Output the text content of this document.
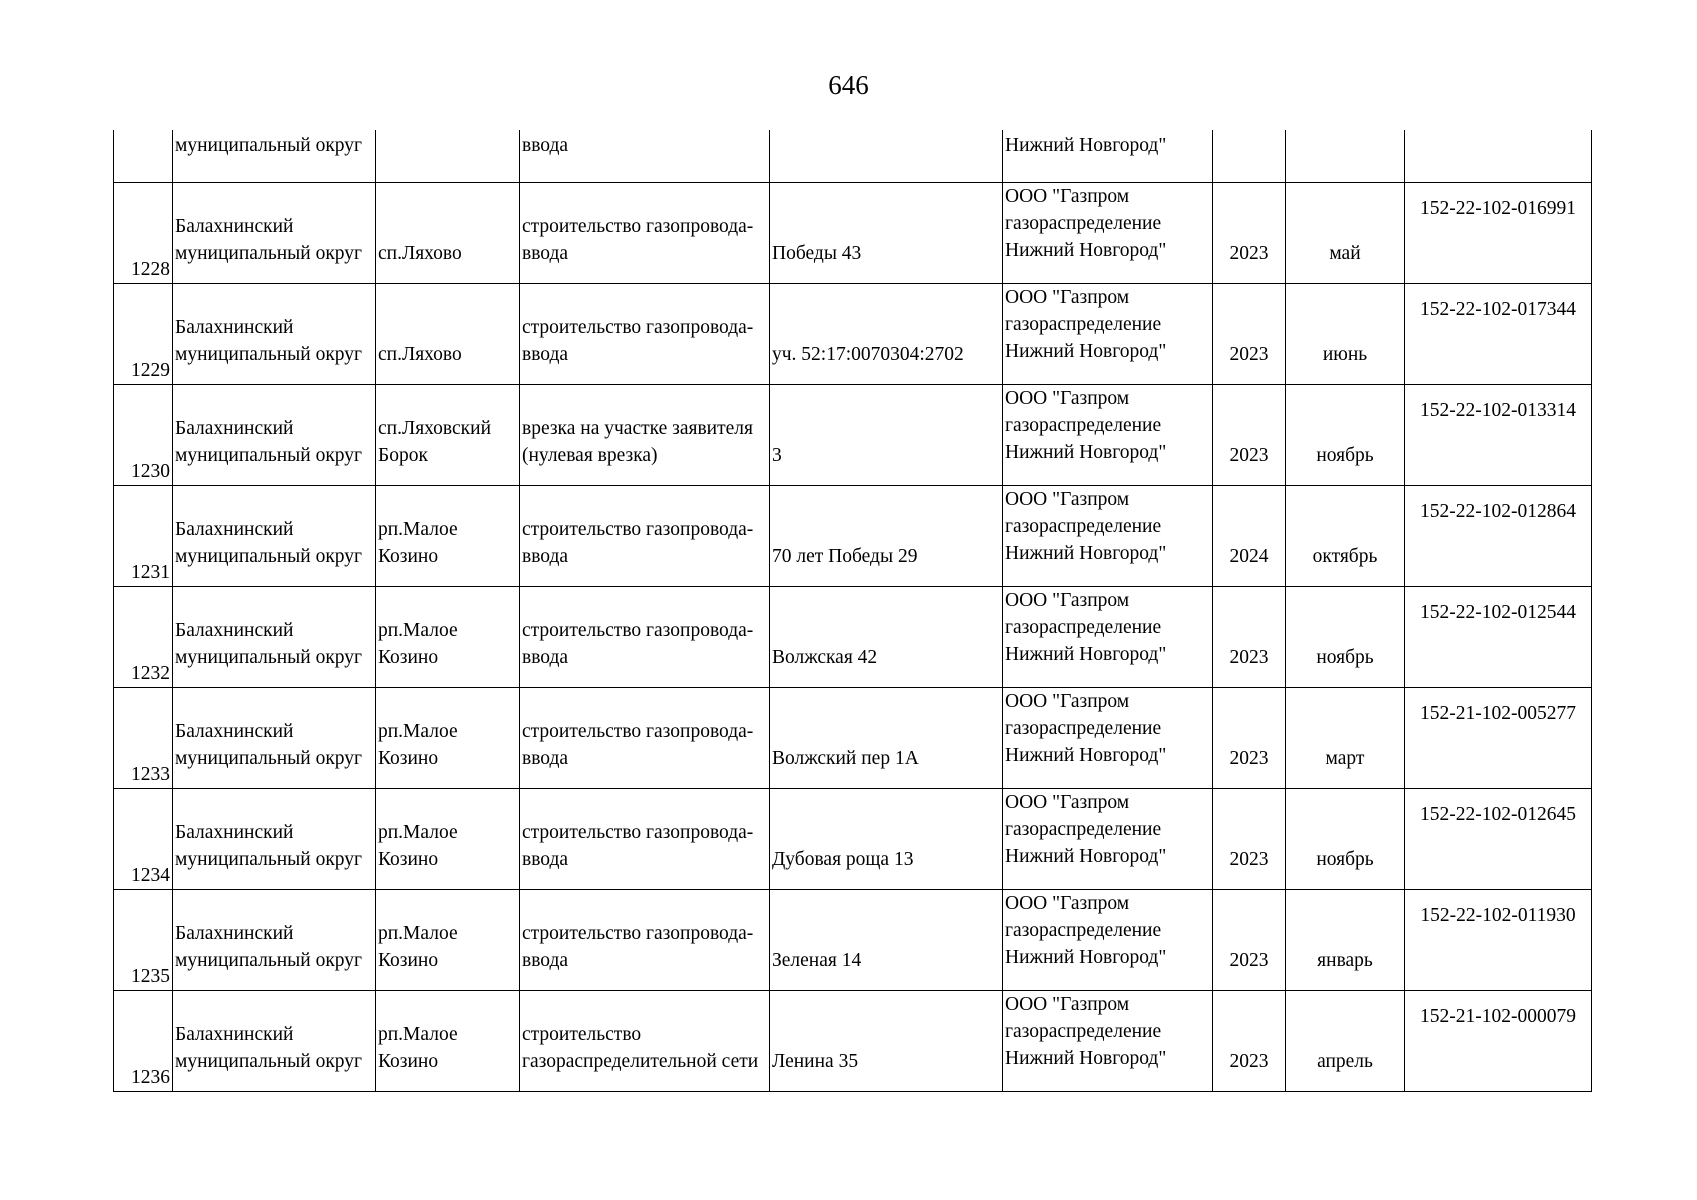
646
	муниципальный округ		ввода		Нижний Новгород"			
1228	Балахнинский
муниципальный округ	сп.Ляхово	строительство газопровода-
ввода	Победы 43	ООО "Газпром
газораспределение
Нижний Новгород"	2023	май	152-22-102-016991

1229	Балахнинский
муниципальный округ	сп.Ляхово	строительство газопровода-
ввода	уч. 52:17:0070304:2702	ООО "Газпром
газораспределение
Нижний Новгород"	2023	июнь	152-22-102-017344

1230	Балахнинский
муниципальный округ	сп.Ляховский
Борок	врезка на участке заявителя
(нулевая врезка)	3	ООО "Газпром
газораспределение
Нижний Новгород"	2023	ноябрь	152-22-102-013314

1231	Балахнинский
муниципальный округ	рп.Малое
Козино	строительство газопровода-
ввода	70 лет Победы 29	ООО "Газпром
газораспределение
Нижний Новгород"	2024	октябрь	152-22-102-012864

1232	Балахнинский
муниципальный округ	рп.Малое
Козино	строительство газопровода-
ввода	Волжская 42	ООО "Газпром
газораспределение
Нижний Новгород"	2023	ноябрь	152-22-102-012544

1233	Балахнинский
муниципальный округ	рп.Малое
Козино	строительство газопровода-
ввода	Волжский пер 1А	ООО "Газпром
газораспределение
Нижний Новгород"	2023	март	152-21-102-005277

1234	Балахнинский
муниципальный округ	рп.Малое
Козино	строительство газопровода-
ввода	Дубовая роща 13	ООО "Газпром
газораспределение
Нижний Новгород"	2023	ноябрь	152-22-102-012645

1235	Балахнинский
муниципальный округ	рп.Малое
Козино	строительство газопровода-
ввода	Зеленая 14	ООО "Газпром
газораспределение
Нижний Новгород"	2023	январь	152-22-102-011930

1236	Балахнинский
муниципальный округ	рп.Малое
Козино	строительство
газораспределительной сети	Ленина 35	ООО "Газпром
газораспределение
Нижний Новгород"	2023	апрель	152-21-102-000079
